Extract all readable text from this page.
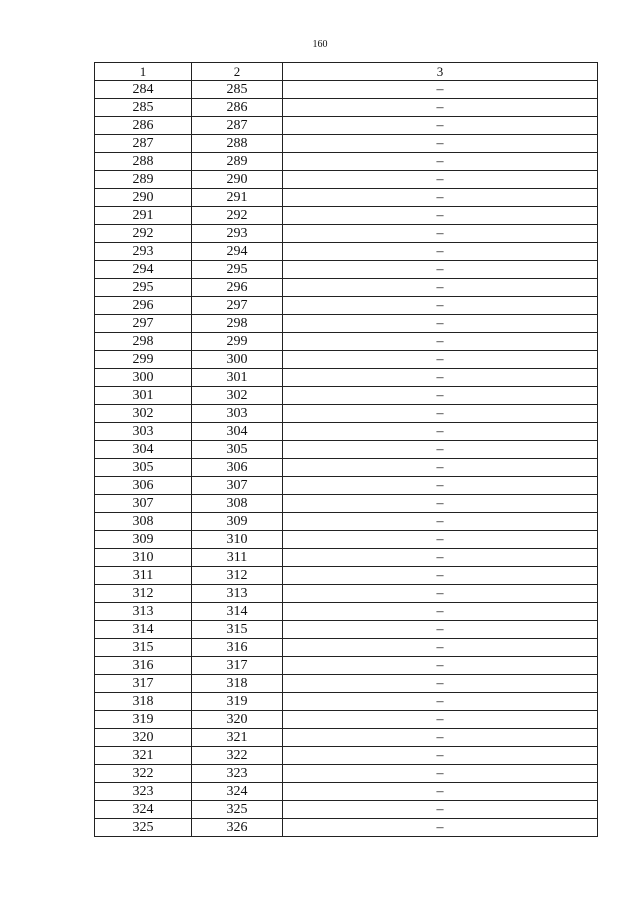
160
1	2	3
284	285	–
285	286	–
286	287	–
287	288	–
288	289	–
289	290	–
290	291	–
291	292	–
292	293	–
293	294	–
294	295	–
295	296	–
296	297	–
297	298	–
298	299	–
299	300	–
300	301	–
301	302	–
302	303	–
303	304	–
304	305	–
305	306	–
306	307	–
307	308	–
308	309	–
309	310	–
310	311	–
311	312	–
312	313	–
313	314	–
314	315	–
315	316	–
316	317	–
317	318	–
318	319	–
319	320	–
320	321	–
321	322	–
322	323	–
323	324	–
324	325	–
325	326	–
